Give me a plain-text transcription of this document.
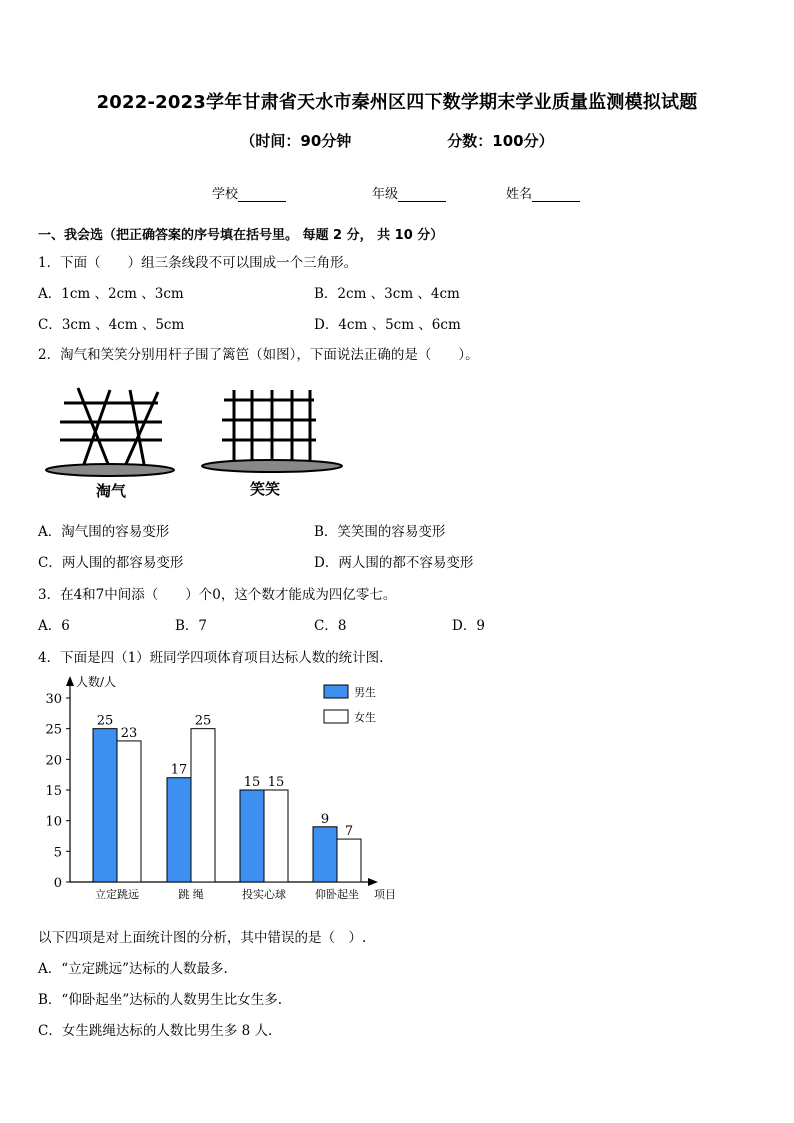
2022-2023学年甘肃省天水市秦州区四下数学期末学业质量监测模拟试题
（时间：90分钟	分数：100分）
学校	年级	姓名
一、我会选（把正确答案的序号填在括号里。 每题 2 分， 共 10 分）
1．下面（　　）组三条线段不可以围成一个三角形。
A．1cm 、2cm 、3cm	B．2cm 、3cm 、4cm
C．3cm 、4cm 、5cm	D．4cm 、5cm 、6cm
2．淘气和笑笑分别用杆子围了篱笆（如图），下面说法正确的是（　　）。
淘气	笑笑
A．淘气围的容易变形	B．笑笑围的容易变形
C．两人围的都容易变形	D．两人围的都不容易变形
3．在4和7中间添（　　）个0，这个数才能成为四亿零七。
A．6	B．7	C．8	D．9
4．下面是四（1）班同学四项体育项目达标人数的统计图.
0
5
10
15
20
25
30
人数/人
项目
25
23
立定跳远
17
25
跳 绳
15 15
投实心球
9
7
仰卧起坐
男生
女生
以下四项是对上面统计图的分析，其中错误的是（　）.
A．“立定跳远”达标的人数最多.
B．“仰卧起坐”达标的人数男生比女生多.
C．女生跳绳达标的人数比男生多 8 人.
